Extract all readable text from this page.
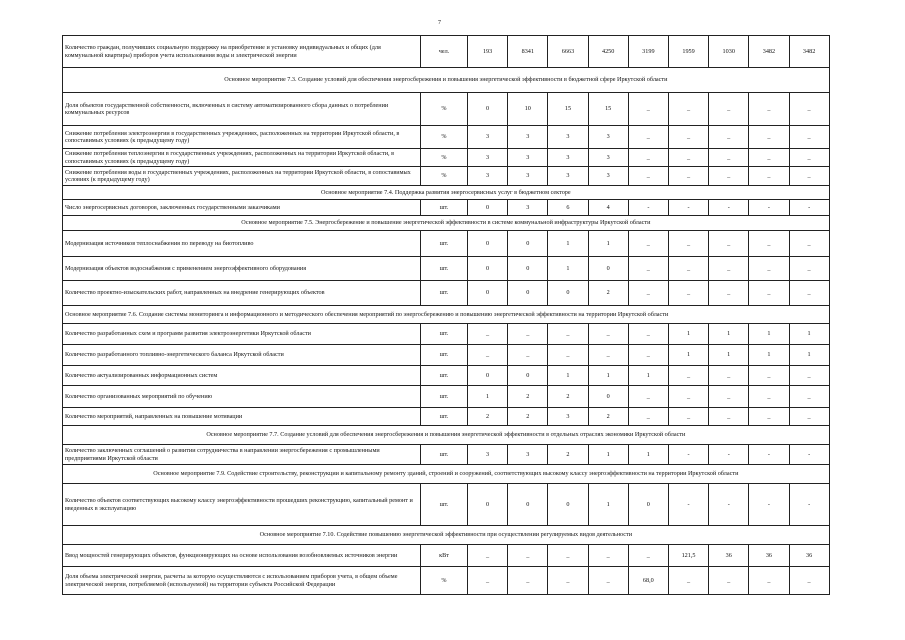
7
Количество граждан, получивших социальную поддержку на приобретение и установку индивидуальных и общих (для коммунальной квартиры) приборов учета использования воды и электрической энергии	чел.	193	8341	6663	4250	3199	1959	1030	3482	3482
Основное мероприятие 7.3. Создание условий для обеспечения энергосбережения и повышения энергетической эффективности в бюджетной сфере Иркутской области										
Доля объектов государственной собственности, включенных в систему автоматизированного сбора данных о потреблении коммунальных ресурсов	%	0	10	15	15	_	_	_	_	_
Снижение потребления электроэнергии в государственных учреждениях, расположенных на территории Иркутской области, в сопоставимых условиях (к предыдущему году)	%	3	3	3	3	_	_	_	_	_
Снижение потребления теплоэнергии в государственных учреждениях, расположенных на территории Иркутской области, в сопоставимых условиях (к предыдущему году)	%	3	3	3	3	_	_	_	_	_
Снижение потребления воды в государственных учреждениях, расположенных на территории Иркутской области, в сопоставимых условиях (к предыдущему году)	%	3	3	3	3	_	_	_	_	_
Основное мероприятие 7.4. Поддержка развития энергосервисных услуг в бюджетном секторе										
Число энергосервисных договоров, заключенных государственными заказчиками	шт.	0	3	6	4	-	-	-	-	-
Основное мероприятие 7.5. Энергосбережение и повышение энергетической эффективности в системе коммунальной инфраструктуры Иркутской области										
Модернизация источников теплоснабжения по переводу на биотопливо	шт.	0	0	1	1	_	_	_	_	_
Модернизация объектов водоснабжения с применением энергоэффективного оборудования	шт.	0	0	1	0	_	_	_	_	_
Количество проектно-изыскательских работ, направленных на внедрение генерирующих объектов	шт.	0	0	0	2	_	_	_	_	_
Основное мероприятие 7.6. Создание системы мониторинга и информационного и методического обеспечения мероприятий по энергосбережению и повышению энергетической эффективности на территории Иркутской области										
Количество разработанных схем и программ развития электроэнергетики Иркутской области	шт.	_	_	_	_	_	1	1	1	1
Количество разработанного топливно-энергетического баланса Иркутской области	шт.	_	_	_	_	_	1	1	1	1
Количество актуализированных информационных систем	шт.	0	0	1	1	1	_	_	_	_
Количество организованных мероприятий по обучению	шт.	1	2	2	0	_	_	_	_	_
Количество мероприятий, направленных на повышение мотивации	шт.	2	2	3	2	_	_	_	_	_
Основное мероприятие 7.7. Создание условий для обеспечения энергосбережения и повышения энергетической эффективности в отдельных отраслях экономики Иркутской области										
Количество заключенных соглашений о развитии сотрудничества в направлении энергосбережения с промышленными предприятиями Иркутской области	шт.	3	3	2	1	1	-	-	-	-
Основное мероприятие 7.9. Содействие строительству, реконструкции и капитальному ремонту зданий, строений и сооружений, соответствующих высокому классу энергоэффективности на территории Иркутской области										
Количество объектов соответствующих высокому классу энергоэффективности прошедших реконструкцию, капитальный ремонт и введенных в эксплуатацию	шт.	0	0	0	1	0	-	-	-	-
Основное мероприятие 7.10. Содействие повышению энергетической эффективности при осуществлении регулируемых видов деятельности										
Ввод мощностей генерирующих объектов, функционирующих на основе использования возобновляемых источников энергии	кВт	_	_	_	_	_	121,5	36	36	36
Доля объема электрической энергии, расчеты за которую осуществляются с использованием приборов учета, в общем объеме электрической энергии, потребляемой (используемой) на территории субъекта Российской Федерации	%	_	_	_	_	68,0	_	_	_	_
